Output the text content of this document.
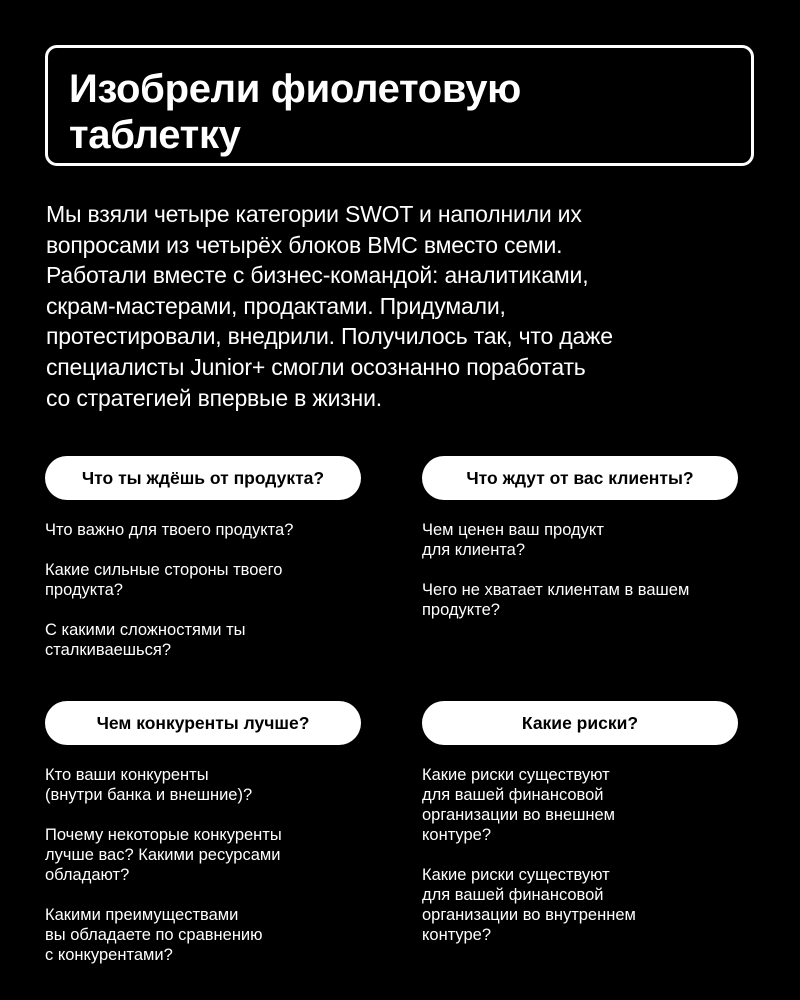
Изобрели фиолетовую
таблетку
Мы взяли четыре категории SWOT и наполнили их
вопросами из четырёх блоков ВМС вместо семи.
Работали вместе с бизнес-командой: аналитиками,
скрам-мастерами, продактами. Придумали,
протестировали, внедрили. Получилось так, что даже
специалисты Junior+ смогли осознанно поработать
со стратегией впервые в жизни.
Что ты ждёшь от продукта?
Что важно для твоего продукта?
Какие сильные стороны твоего
продукта?
С какими сложностями ты
сталкиваешься?
Что ждут от вас клиенты?
Чем ценен ваш продукт
для клиента?
Чего не хватает клиентам в вашем
продукте?
Чем конкуренты лучше?
Кто ваши конкуренты
(внутри банка и внешние)?
Почему некоторые конкуренты
лучше вас? Какими ресурсами
обладают?
Какими преимуществами
вы обладаете по сравнению
с конкурентами?
Какие риски?
Какие риски существуют
для вашей финансовой
организации во внешнем
контуре?
Какие риски существуют
для вашей финансовой
организации во внутреннем
контуре?
